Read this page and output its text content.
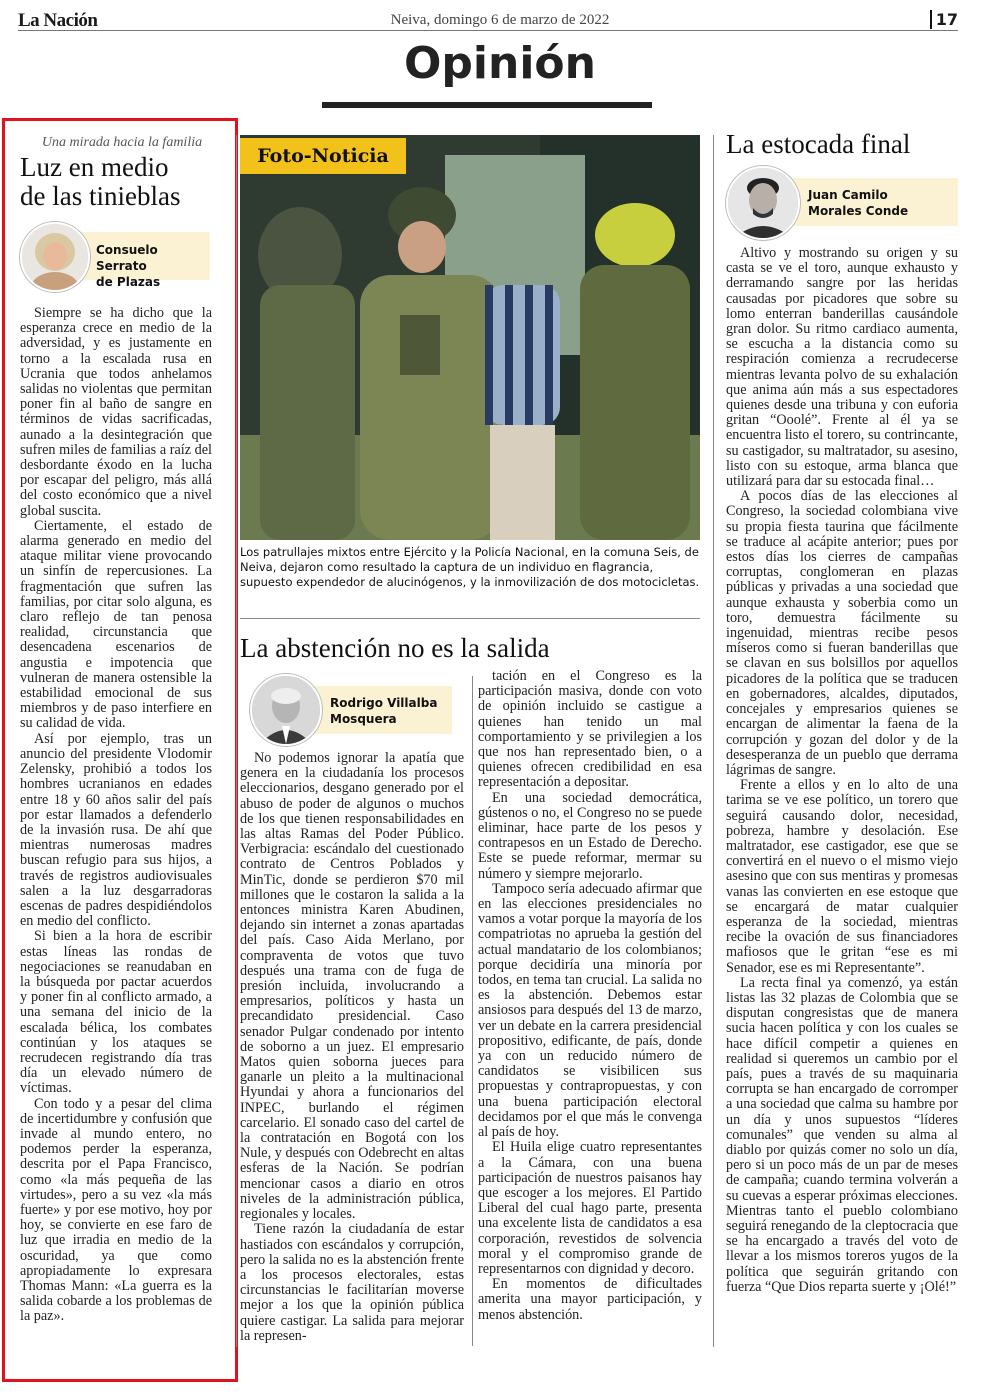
La Nación	Neiva, domingo 6 de marzo de 2022	17
Opinión
Una mirada hacia la familia
Luz en medio
de las tinieblas
Consuelo Serrato
de Plazas

Siempre se ha dicho que la esperanza crece en medio de la adversidad, y es justamente en torno a la escalada rusa en Ucrania que todos anhelamos salidas no violentas que permitan poner fin al baño de sangre en términos de vidas sacrificadas, aunado a la desintegración que sufren miles de familias a raíz del desbordante éxodo en la lucha por escapar del peligro, más allá del costo económico que a nivel global suscita.

Ciertamente, el estado de alarma generado en medio del ataque militar viene provocando un sinfín de repercusiones. La fragmentación que sufren las familias, por citar solo alguna, es claro reflejo de tan penosa realidad, circunstancia que desencadena escenarios de angustia e impotencia que vulneran de manera ostensible la estabilidad emocional de sus miembros y de paso interfiere en su calidad de vida.

Así por ejemplo, tras un anuncio del presidente Vlodomir Zelensky, prohibió a todos los hombres ucranianos en edades entre 18 y 60 años salir del país por estar llamados a defenderlo de la invasión rusa. De ahí que mientras numerosas madres buscan refugio para sus hijos, a través de registros audiovisuales salen a la luz desgarradoras escenas de padres despidiéndolos en medio del conflicto.

Si bien a la hora de escribir estas líneas las rondas de negociaciones se reanudaban en la búsqueda por pactar acuerdos y poner fin al conflicto armado, a una semana del inicio de la escalada bélica, los combates continúan y los ataques se recrudecen registrando día tras día un elevado número de víctimas.

Con todo y a pesar del clima de incertidumbre y confusión que invade al mundo entero, no podemos perder la esperanza, descrita por el Papa Francisco, como «la más pequeña de las virtudes», pero a su vez «la más fuerte» y por ese motivo, hoy por hoy, se convierte en ese faro de luz que irradia en medio de la oscuridad, ya que como apropiadamente lo expresara Thomas Mann: «La guerra es la salida cobarde a los problemas de la paz».

Foto-Noticia
Los patrullajes mixtos entre Ejército y la Policía Nacional, en la comuna Seis, de Neiva, dejaron como resultado la captura de un individuo en flagrancia, supuesto expendedor de alucinógenos, y la inmovilización de dos motocicletas.
La abstención no es la salida
Rodrigo Villalba
Mosquera

No podemos ignorar la apatía que genera en la ciudadanía los procesos eleccionarios, desgano generado por el abuso de poder de algunos o muchos de los que tienen responsabilidades en las altas Ramas del Poder Público. Verbigracia: escándalo del cuestionado contrato de Centros Poblados y MinTic, donde se perdieron $70 mil millones que le costaron la salida a la entonces ministra Karen Abudinen, dejando sin internet a zonas apartadas del país. Caso Aida Merlano, por compraventa de votos que tuvo después una trama con de fuga de presión incluida, involucrando a empresarios, políticos y hasta un precandidato presidencial. Caso senador Pulgar condenado por intento de soborno a un juez. El empresario Matos quien soborna jueces para ganarle un pleito a la multinacional Hyundai y ahora a funcionarios del INPEC, burlando el régimen carcelario. El sonado caso del cartel de la contratación en Bogotá con los Nule, y después con Odebrecht en altas esferas de la Nación. Se podrían mencionar casos a diario en otros niveles de la administración pública, regionales y locales.

Tiene razón la ciudadanía de estar hastiados con escándalos y corrupción, pero la salida no es la abstención frente a los procesos electorales, estas circunstancias le facilitarían moverse mejor a los que la opinión pública quiere castigar. La salida para mejorar la represen-

tación en el Congreso es la participación masiva, donde con voto de opinión incluido se castigue a quienes han tenido un mal comportamiento y se privilegien a los que nos han representado bien, o a quienes ofrecen credibilidad en esa representación a depositar.

En una sociedad democrática, gústenos o no, el Congreso no se puede eliminar, hace parte de los pesos y contrapesos en un Estado de Derecho. Este se puede reformar, mermar su número y siempre mejorarlo.

Tampoco sería adecuado afirmar que en las elecciones presidenciales no vamos a votar porque la mayoría de los compatriotas no aprueba la gestión del actual mandatario de los colombianos; porque decidiría una minoría por todos, en tema tan crucial. La salida no es la abstención. Debemos estar ansiosos para después del 13 de marzo, ver un debate en la carrera presidencial propositivo, edificante, de país, donde ya con un reducido número de candidatos se visibilicen sus propuestas y contrapropuestas, y con una buena participación electoral decidamos por el que más le convenga al país de hoy.

El Huila elige cuatro representantes a la Cámara, con una buena participación de nuestros paisanos hay que escoger a los mejores. El Partido Liberal del cual hago parte, presenta una excelente lista de candidatos a esa corporación, revestidos de solvencia moral y el compromiso grande de representarnos con dignidad y decoro.

En momentos de dificultades amerita una mayor participación, y menos abstención.

La estocada final
Juan Camilo
Morales Conde

Altivo y mostrando su origen y su casta se ve el toro, aunque exhausto y derramando sangre por las heridas causadas por picadores que sobre su lomo enterran banderillas causándole gran dolor. Su ritmo cardiaco aumenta, se escucha a la distancia como su respiración comienza a recrudecerse mientras levanta polvo de su exhalación que anima aún más a sus espectadores quienes desde una tribuna y con euforia gritan “Ooolé”. Frente al él ya se encuentra listo el torero, su contrincante, su castigador, su maltratador, su asesino, listo con su estoque, arma blanca que utilizará para dar su estocada final…

A pocos días de las elecciones al Congreso, la sociedad colombiana vive su propia fiesta taurina que fácilmente se traduce al acápite anterior; pues por estos días los cierres de campañas corruptas, conglomeran en plazas públicas y privadas a una sociedad que aunque exhausta y soberbia como un toro, demuestra fácilmente su ingenuidad, mientras recibe pesos míseros como si fueran banderillas que se clavan en sus bolsillos por aquellos picadores de la política que se traducen en gobernadores, alcaldes, diputados, concejales y empresarios quienes se encargan de alimentar la faena de la corrupción y gozan del dolor y de la desesperanza de un pueblo que derrama lágrimas de sangre.

Frente a ellos y en lo alto de una tarima se ve ese político, un torero que seguirá causando dolor, necesidad, pobreza, hambre y desolación. Ese maltratador, ese castigador, ese que se convertirá en el nuevo o el mismo viejo asesino que con sus mentiras y promesas vanas las convierten en ese estoque que se encargará de matar cualquier esperanza de la sociedad, mientras recibe la ovación de sus financiadores mafiosos que le gritan “ese es mi Senador, ese es mi Representante”.

La recta final ya comenzó, ya están listas las 32 plazas de Colombia que se disputan congresistas que de manera sucia hacen política y con los cuales se hace difícil competir a quienes en realidad si queremos un cambio por el país, pues a través de su maquinaria corrupta se han encargado de corromper a una sociedad que calma su hambre por un día y unos supuestos “líderes comunales” que venden su alma al diablo por quizás comer no solo un día, pero si un poco más de un par de meses de campaña; cuando termina volverán a su cuevas a esperar próximas elecciones. Mientras tanto el pueblo colombiano seguirá renegando de la cleptocracia que se ha encargado a través del voto de llevar a los mismos toreros yugos de la política que seguirán gritando con fuerza “Que Dios reparta suerte y ¡Olé!”
